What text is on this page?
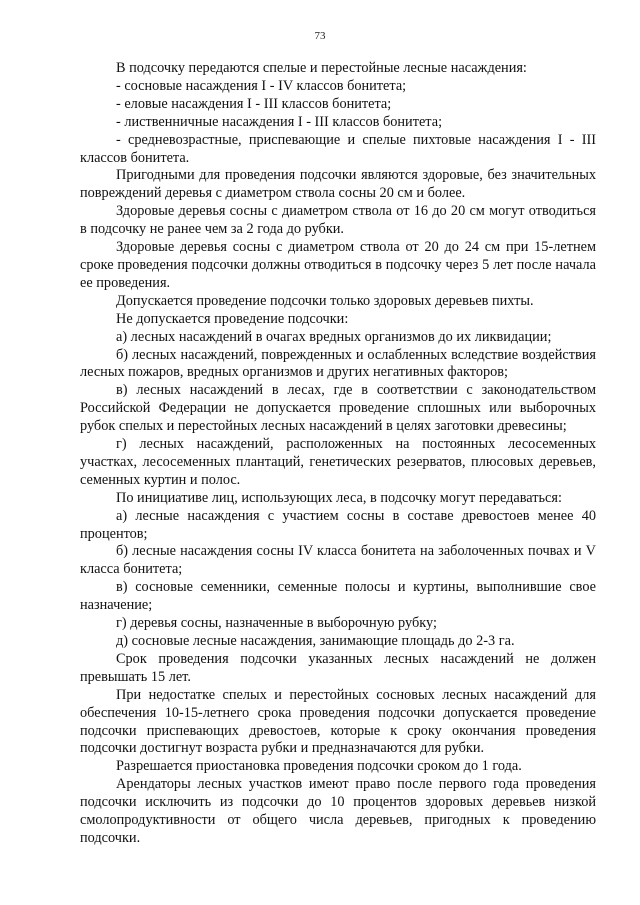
73

В подсочку передаются спелые и перестойные лесные насаждения:

- сосновые насаждения I - IV классов бонитета;

- еловые насаждения I - III классов бонитета;

- лиственничные насаждения I - III классов бонитета;

- средневозрастные, приспевающие и спелые пихтовые насаждения I - III классов бонитета.

Пригодными для проведения подсочки являются здоровые, без значительных повреждений деревья с диаметром ствола сосны 20 см и более.

Здоровые деревья сосны с диаметром ствола от 16 до 20 см могут отводиться в подсочку не ранее чем за 2 года до рубки.

Здоровые деревья сосны с диаметром ствола от 20 до 24 см при 15-летнем сроке проведения подсочки должны отводиться в подсочку через 5 лет после начала ее проведения.

Допускается проведение подсочки только здоровых деревьев пихты.

Не допускается проведение подсочки:

а) лесных насаждений в очагах вредных организмов до их ликвидации;

б) лесных насаждений, поврежденных и ослабленных вследствие воздействия лесных пожаров, вредных организмов и других негативных факторов;

в) лесных насаждений в лесах, где в соответствии с законодательством Российской Федерации не допускается проведение сплошных или выборочных рубок спелых и перестойных лесных насаждений в целях заготовки древесины;

г) лесных насаждений, расположенных на постоянных лесосеменных участках, лесосеменных плантаций, генетических резерватов, плюсовых деревьев, семенных куртин и полос.

По инициативе лиц, использующих леса, в подсочку могут передаваться:

а) лесные насаждения с участием сосны в составе древостоев менее 40 процентов;

б) лесные насаждения сосны IV класса бонитета на заболоченных почвах и V класса бонитета;

в) сосновые семенники, семенные полосы и куртины, выполнившие свое назначение;

г) деревья сосны, назначенные в выборочную рубку;

д) сосновые лесные насаждения, занимающие площадь до 2-3 га.

Срок проведения подсочки указанных лесных насаждений не должен превышать 15 лет.

При недостатке спелых и перестойных сосновых лесных насаждений для обеспечения 10-15-летнего срока проведения подсочки допускается проведение подсочки приспевающих древостоев, которые к сроку окончания проведения подсочки достигнут возраста рубки и предназначаются для рубки.

Разрешается приостановка проведения подсочки сроком до 1 года.

Арендаторы лесных участков имеют право после первого года проведения подсочки исключить из подсочки до 10 процентов здоровых деревьев низкой смолопродуктивности от общего числа деревьев, пригодных к проведению подсочки.
